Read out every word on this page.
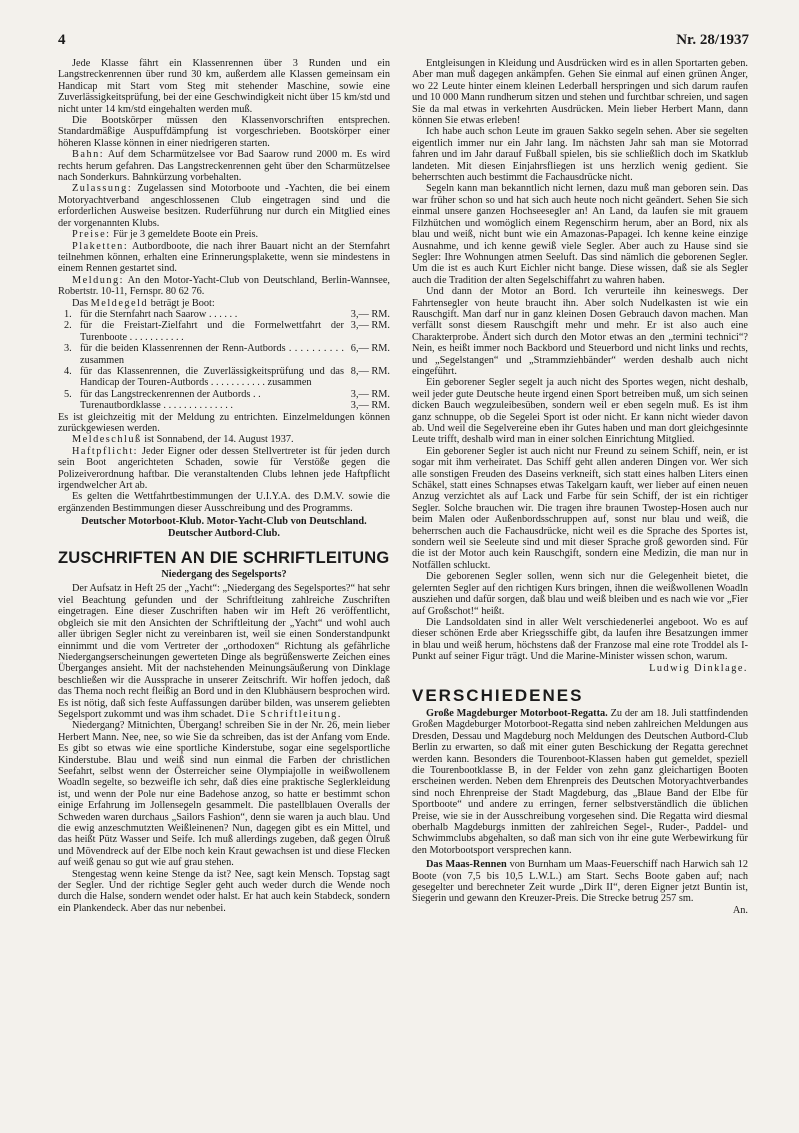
4	Nr. 28/1937

Jede Klasse fährt ein Klassenrennen über 3 Runden und ein Langstreckenrennen über rund 30 km, außerdem alle Klassen gemeinsam ein Handicap mit Start vom Steg mit stehender Maschine, sowie eine Zuverlässigkeitsprüfung, bei der eine Geschwindigkeit nicht über 15 km/std und nicht unter 14 km/std eingehalten werden muß.

Die Bootskörper müssen den Klassenvorschriften entsprechen. Standardmäßige Auspuffdämpfung ist vorgeschrieben. Bootskörper einer höheren Klasse können in einer niedrigeren starten.

Bahn: Auf dem Scharmützelsee vor Bad Saarow rund 2000 m. Es wird rechts herum gefahren. Das Langstreckenrennen geht über den Scharmützelsee nach Sonderkurs. Bahnkürzung vorbehalten.

Zulassung: Zugelassen sind Motorboote und -Yachten, die bei einem Motoryachtverband angeschlossenen Club eingetragen sind und die erforderlichen Ausweise besitzen. Ruderführung nur durch ein Mitglied eines der vorgenannten Klubs.

Preise: Für je 3 gemeldete Boote ein Preis.

Plaketten: Autbordboote, die nach ihrer Bauart nicht an der Sternfahrt teilnehmen können, erhalten eine Erinnerungsplakette, wenn sie mindestens in einem Rennen gestartet sind.

Meldung: An den Motor-Yacht-Club von Deutschland, Berlin-Wannsee, Robertstr. 10-11, Fernspr. 80 62 76.

Das Meldegeld beträgt je Boot:

1.	für die Sternfahrt nach Saarow . . . . . .	3,— RM.
2.	für die Freistart-Zielfahrt und die Formelwettfahrt der Turenboote . . . . . . . . . . .	3,— RM.
3.	für die beiden Klassenrennen der Renn-Autbords . . . . . . . . . . zusammen	6,— RM.
4.	für das Klassenrennen, die Zuverlässigkeitsprüfung und das Handicap der Touren-Autbords . . . . . . . . . . . zusammen	8,— RM.
5.	für das Langstreckenrennen der Autbords . .	3,— RM.
	Turenautbordklasse . . . . . . . . . . . . . .	3,— RM.

Es ist gleichzeitig mit der Meldung zu entrichten. Einzelmeldungen können zurückgewiesen werden.

Meldeschluß ist Sonnabend, der 14. August 1937.

Haftpflicht: Jeder Eigner oder dessen Stellvertreter ist für jeden durch sein Boot angerichteten Schaden, sowie für Verstöße gegen die Polizeiverordnung haftbar. Die veranstaltenden Clubs lehnen jede Haftpflicht irgendwelcher Art ab.

Es gelten die Wettfahrtbestimmungen der U.I.Y.A. des D.M.V. sowie die ergänzenden Bestimmungen dieser Ausschreibung und des Programms.

Deutscher Motorboot-Klub. Motor-Yacht-Club von Deutschland. Deutscher Autbord-Club.
ZUSCHRIFTEN AN DIE SCHRIFTLEITUNG
Niedergang des Segelsports?

Der Aufsatz in Heft 25 der „Yacht“: „Niedergang des Segelsportes?“ hat sehr viel Beachtung gefunden und der Schriftleitung zahlreiche Zuschriften eingetragen. Eine dieser Zuschriften haben wir im Heft 26 veröffentlicht, obgleich sie mit den Ansichten der Schriftleitung der „Yacht“ und wohl auch aller übrigen Segler nicht zu vereinbaren ist, weil sie einen Sonderstandpunkt einnimmt und die vom Vertreter der „orthodoxen“ Richtung als gefährliche Niedergangserscheinungen gewerteten Dinge als begrüßenswerte Zeichen eines Überganges ansieht. Mit der nachstehenden Meinungsäußerung von Dinklage beschließen wir die Aussprache in unserer Zeitschrift. Wir hoffen jedoch, daß das Thema noch recht fleißig an Bord und in den Klubhäusern besprochen wird. Es ist nötig, daß sich feste Auffassungen darüber bilden, was unserem geliebten Segelsport zukommt und was ihm schadet. Die Schriftleitung.

Niedergang? Mitnichten, Übergang! schreiben Sie in der Nr. 26, mein lieber Herbert Mann. Nee, nee, so wie Sie da schreiben, das ist der Anfang vom Ende. Es gibt so etwas wie eine sportliche Kinderstube, sogar eine segelsportliche Kinderstube. Blau und weiß sind nun einmal die Farben der christlichen Seefahrt, selbst wenn der Österreicher seine Olympiajolle in weißwollenem Woadln segelte, so bezweifle ich sehr, daß dies eine praktische Seglerkleidung ist, und wenn der Pole nur eine Badehose anzog, so hatte er bestimmt schon einige Erfahrung im Jollensegeln gesammelt. Die pastellblauen Overalls der Schweden waren durchaus „Sailors Fashion“, denn sie waren ja auch blau. Und die ewig anzeschmutzten Weißleinenen? Nun, dagegen gibt es ein Mittel, und das heißt Pütz Wasser und Seife. Ich muß allerdings zugeben, daß gegen Ölruß und Mövendreck auf der Elbe noch kein Kraut gewachsen ist und diese Flecken auf weiß genau so gut wie auf grau stehen.

Stengestag wenn keine Stenge da ist? Nee, sagt kein Mensch. Topstag sagt der Segler. Und der richtige Segler geht auch weder durch die Wende noch durch die Halse, sondern wendet oder halst. Er hat auch kein Stabdeck, sondern ein Plankendeck. Aber das nur nebenbei.

Entgleisungen in Kleidung und Ausdrücken wird es in allen Sportarten geben. Aber man muß dagegen ankämpfen. Gehen Sie einmal auf einen grünen Anger, wo 22 Leute hinter einem kleinen Lederball herspringen und sich darum raufen und 10 000 Mann rundherum sitzen und stehen und furchtbar schreien, und sagen Sie da mal etwas in verkehrten Ausdrücken. Mein lieber Herbert Mann, dann können Sie etwas erleben!

Ich habe auch schon Leute im grauen Sakko segeln sehen. Aber sie segelten eigentlich immer nur ein Jahr lang. Im nächsten Jahr sah man sie Motorrad fahren und im Jahr darauf Fußball spielen, bis sie schließlich doch im Skatklub landeten. Mit diesen Einjahrsfliegen ist uns herzlich wenig gedient. Sie beherrschten auch bestimmt die Fachausdrücke nicht.

Segeln kann man bekanntlich nicht lernen, dazu muß man geboren sein. Das war früher schon so und hat sich auch heute noch nicht geändert. Sehen Sie sich einmal unsere ganzen Hochseesegler an! An Land, da laufen sie mit grauem Filzhütchen und womöglich einem Regenschirm herum, aber an Bord, nix als blau und weiß, nicht bunt wie ein Amazonas-Papagei. Ich kenne keine einzige Ausnahme, und ich kenne gewiß viele Segler. Aber auch zu Hause sind sie Segler: Ihre Wohnungen atmen Seeluft. Das sind nämlich die geborenen Segler. Um die ist es auch Kurt Eichler nicht bange. Diese wissen, daß sie als Segler auch die Tradition der alten Segelschiffahrt zu wahren haben.

Und dann der Motor an Bord. Ich verurteile ihn keineswegs. Der Fahrtensegler von heute braucht ihn. Aber solch Nudelkasten ist wie ein Rauschgift. Man darf nur in ganz kleinen Dosen Gebrauch davon machen. Man verfällt sonst diesem Rauschgift mehr und mehr. Er ist also auch eine Charakterprobe. Ändert sich durch den Motor etwas an den „termini technici“? Nein, es heißt immer noch Backbord und Steuerbord und nicht links und rechts, und „Segelstangen“ und „Strammziehbänder“ werden deshalb auch nicht eingeführt.

Ein geborener Segler segelt ja auch nicht des Sportes wegen, nicht deshalb, weil jeder gute Deutsche heute irgend einen Sport betreiben muß, um sich seinen dicken Bauch wegzuleibesüben, sondern weil er eben segeln muß. Es ist ihm ganz schnuppe, ob die Segelei Sport ist oder nicht. Er kann nicht wieder davon ab. Und weil die Segelvereine eben ihr Gutes haben und man dort gleichgesinnte Leute trifft, deshalb wird man in einer solchen Einrichtung Mitglied.

Ein geborener Segler ist auch nicht nur Freund zu seinem Schiff, nein, er ist sogar mit ihm verheiratet. Das Schiff geht allen anderen Dingen vor. Wer sich alle sonstigen Freuden des Daseins verkneift, sich statt eines halben Liters einen Schäkel, statt eines Schnapses etwas Takelgarn kauft, wer lieber auf einen neuen Anzug verzichtet als auf Lack und Farbe für sein Schiff, der ist ein richtiger Segler. Solche brauchen wir. Die tragen ihre braunen Twostep-Hosen auch nur beim Malen oder Außenbordsschruppen auf, sonst nur blau und weiß, die beherrschen auch die Fachausdrücke, nicht weil es die Sprache des Sportes ist, sondern weil sie Seeleute sind und mit dieser Sprache groß geworden sind. Für die ist der Motor auch kein Rauschgift, sondern eine Medizin, die man nur in Notfällen schluckt.

Die geborenen Segler sollen, wenn sich nur die Gelegenheit bietet, die gelernten Segler auf den richtigen Kurs bringen, ihnen die weißwollenen Woadln ausziehen und dafür sorgen, daß blau und weiß bleiben und es nach wie vor „Fier auf Großschot!“ heißt.

Die Landsoldaten sind in aller Welt verschiedenerlei angeboot. Wo es auf dieser schönen Erde aber Kriegsschiffe gibt, da laufen ihre Besatzungen immer in blau und weiß herum, höchstens daß der Franzose mal eine rote Troddel als I-Punkt auf seiner Figur trägt. Und die Marine-Minister wissen schon, warum.

Ludwig Dinklage.
VERSCHIEDENES

Große Magdeburger Motorboot-Regatta. Zu der am 18. Juli stattfindenden Großen Magdeburger Motorboot-Regatta sind neben zahlreichen Meldungen aus Dresden, Dessau und Magdeburg noch Meldungen des Deutschen Autbord-Club Berlin zu erwarten, so daß mit einer guten Beschickung der Regatta gerechnet werden kann. Besonders die Tourenboot-Klassen haben gut gemeldet, speziell die Tourenbootklasse B, in der Felder von zehn ganz gleichartigen Booten erscheinen werden. Neben dem Ehrenpreis des Deutschen Motoryachtverbandes sind noch Ehrenpreise der Stadt Magdeburg, das „Blaue Band der Elbe für Sportboote“ und andere zu erringen, ferner selbstverständlich die üblichen Preise, wie sie in der Ausschreibung vorgesehen sind. Die Regatta wird diesmal oberhalb Magdeburgs inmitten der zahlreichen Segel-, Ruder-, Paddel- und Schwimmclubs abgehalten, so daß man sich von ihr eine gute Werbewirkung für den Motorbootsport versprechen kann.

Das Maas-Rennen von Burnham um Maas-Feuerschiff nach Harwich sah 12 Boote (von 7,5 bis 10,5 L.W.L.) am Start. Sechs Boote gaben auf; nach gesegelter und berechneter Zeit wurde „Dirk II“, deren Eigner jetzt Buntin ist, Siegerin und gewann den Kreuzer-Preis. Die Strecke betrug 257 sm.

An.
